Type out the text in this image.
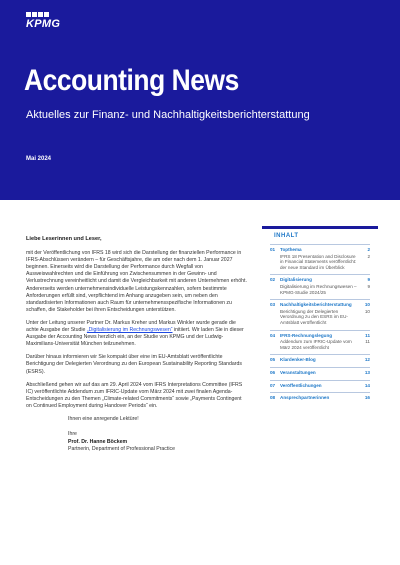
KPMG
Accounting News
Aktuelles zur Finanz- und Nachhaltigkeitsberichterstattung
Mai 2024
Liebe Leserinnen und Leser,

mit der Veröffentlichung von IFRS 18 wird sich die Darstellung der finanziellen Performance in IFRS-Abschlüssen verändern – für Geschäftsjahre, die am oder nach dem 1. Januar 2027 beginnen. Einerseits wird die Darstellung der Performance durch Wegfall von Ausweiswahlrechten und die Einführung von Zwischensummen in der Gewinn- und Verlustrechnung vereinheitlicht und damit die Vergleichbarkeit mit anderen Unternehmen erhöht. Andererseits werden unternehmensindividuelle Leistungskennzahlen, sofern bestimmte Anforderungen erfüllt sind, verpflichtend im Anhang anzugeben sein, um neben den standardisierten Informationen auch Raum für unternehmensspezifische Informationen zu schaffen, die Stakeholder bei ihren Entscheidungen unterstützen.

Unter der Leitung unserer Partner Dr. Markus Kreher und Markus Winkler wurde gerade die achte Ausgabe der Studie „Digitalisierung im Rechnungswesen“ initiiert. Wir laden Sie in dieser Ausgabe der Accounting News herzlich ein, an der Studie von KPMG und der Ludwig-Maximilians-Universität München teilzunehmen.

Darüber hinaus informieren wir Sie kompakt über eine im EU-Amtsblatt veröffentlichte Berichtigung der Delegierten Verordnung zu den European Sustainability Reporting Standards (ESRS).

Abschließend gehen wir auf das am 29. April 2024 vom IFRS Interpretations Committee (IFRS IC) veröffentlichte Addendum zum IFRIC-Update vom März 2024 mit zwei finalen Agenda-Entscheidungen zu den Themen „Climate-related Commitments“ sowie „Payments Contingent on Continued Employment during Handover Periods“ ein.

Ihnen eine anregende Lektüre!
Ihre
Prof. Dr. Hanne Böckem
Partnerin, Department of Professional Practice
INHALT
01	Topthema	2
IFRS 18 Presentation and Disclosure in Financial Statements veröffentlicht: der neue Standard im Überblick
2
02	Digitalisierung	9
Digitalisierung im Rechnungswesen – KPMG-Studie 2024/25
9
03	Nachhaltigkeitsberichterstattung	10
Berichtigung der Delegierten Verordnung zu den ESRS im EU-Amtsblatt veröffentlicht
10
04	IFRS-Rechnungslegung	11
Addendum zum IFRIC-Update vom März 2024 veröffentlicht
11
05	Klardenker-Blog	12
06	Veranstaltungen	13
07	Veröffentlichungen	14
08	Ansprechpartnerinnen	16
